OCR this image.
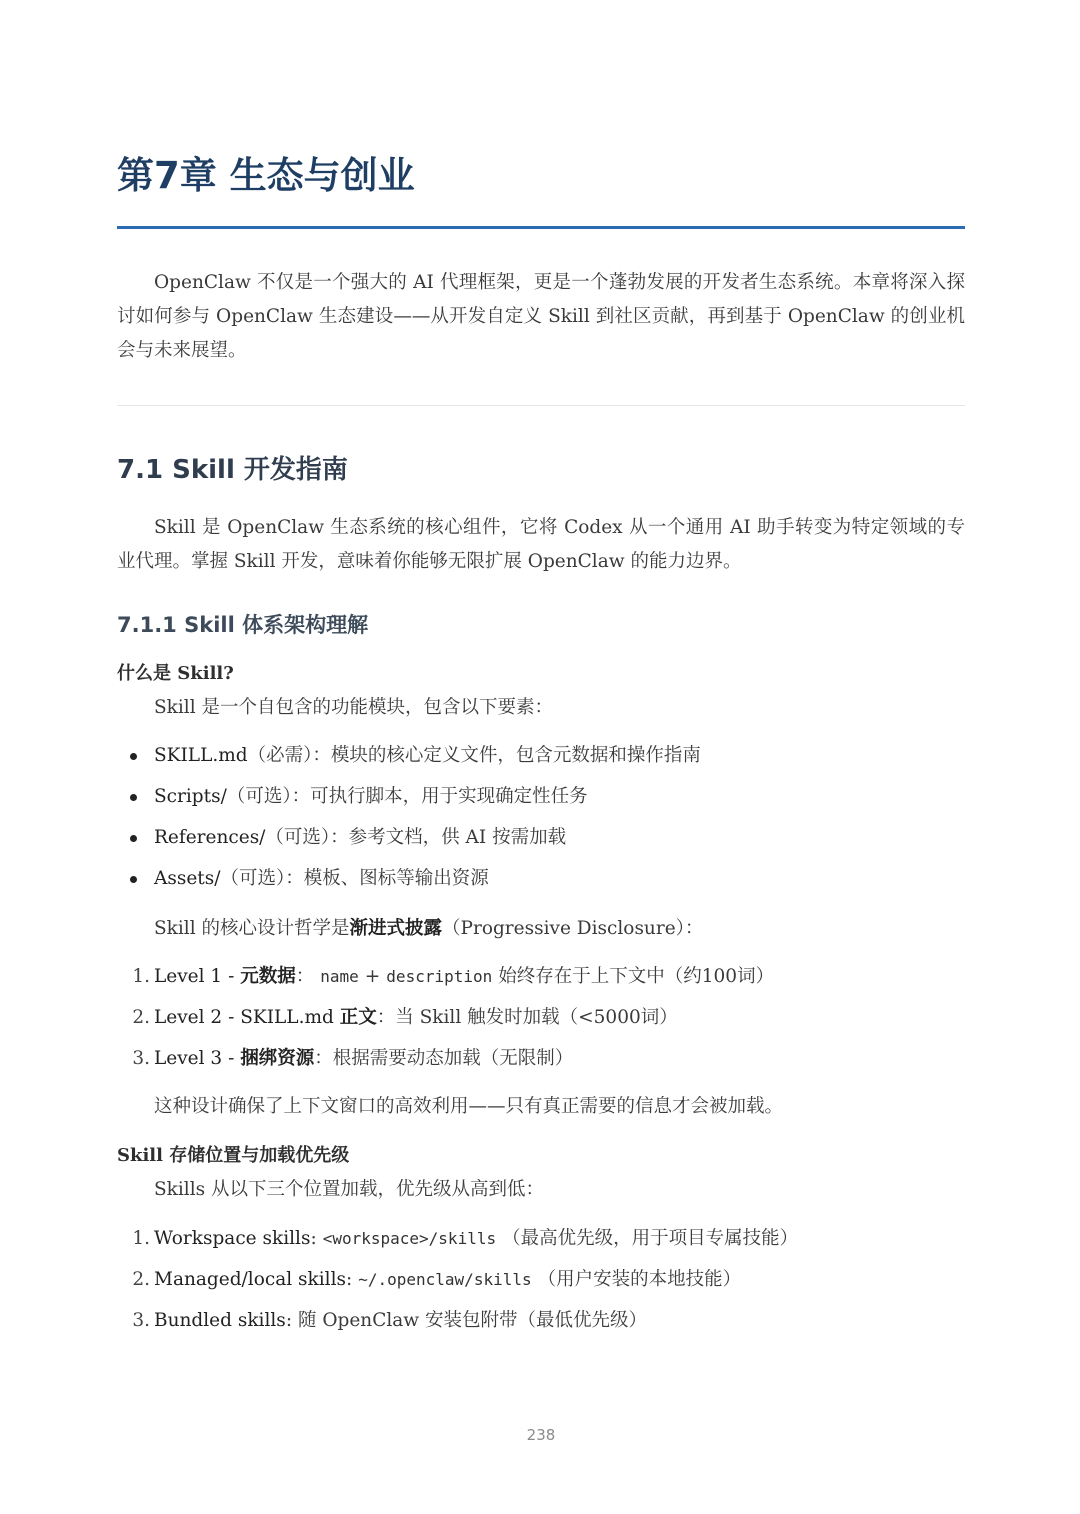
第7章 生态与创业

OpenClaw 不仅是一个强大的 AI 代理框架，更是一个蓬勃发展的开发者生态系统。本章将深入探讨如何参与 OpenClaw 生态建设——从开发自定义 Skill 到社区贡献，再到基于 OpenClaw 的创业机会与未来展望。

7.1 Skill 开发指南

Skill 是 OpenClaw 生态系统的核心组件，它将 Codex 从一个通用 AI 助手转变为特定领域的专业代理。掌握 Skill 开发，意味着你能够无限扩展 OpenClaw 的能力边界。

7.1.1 Skill 体系架构理解
什么是 Skill?
Skill 是一个自包含的功能模块，包含以下要素：
SKILL.md（必需）：模块的核心定义文件，包含元数据和操作指南
Scripts/（可选）：可执行脚本，用于实现确定性任务
References/（可选）：参考文档，供 AI 按需加载
Assets/（可选）：模板、图标等输出资源
Skill 的核心设计哲学是渐进式披露（Progressive Disclosure）：
1. Level 1 - 元数据： name + description 始终存在于上下文中（约100词）
2. Level 2 - SKILL.md 正文：当 Skill 触发时加载（<5000词）
3. Level 3 - 捆绑资源：根据需要动态加载（无限制）
这种设计确保了上下文窗口的高效利用——只有真正需要的信息才会被加载。
Skill 存储位置与加载优先级
Skills 从以下三个位置加载，优先级从高到低：
1. Workspace skills: <workspace>/skills （最高优先级，用于项目专属技能）
2. Managed/local skills: ~/.openclaw/skills （用户安装的本地技能）
3. Bundled skills: 随 OpenClaw 安装包附带（最低优先级）
238
